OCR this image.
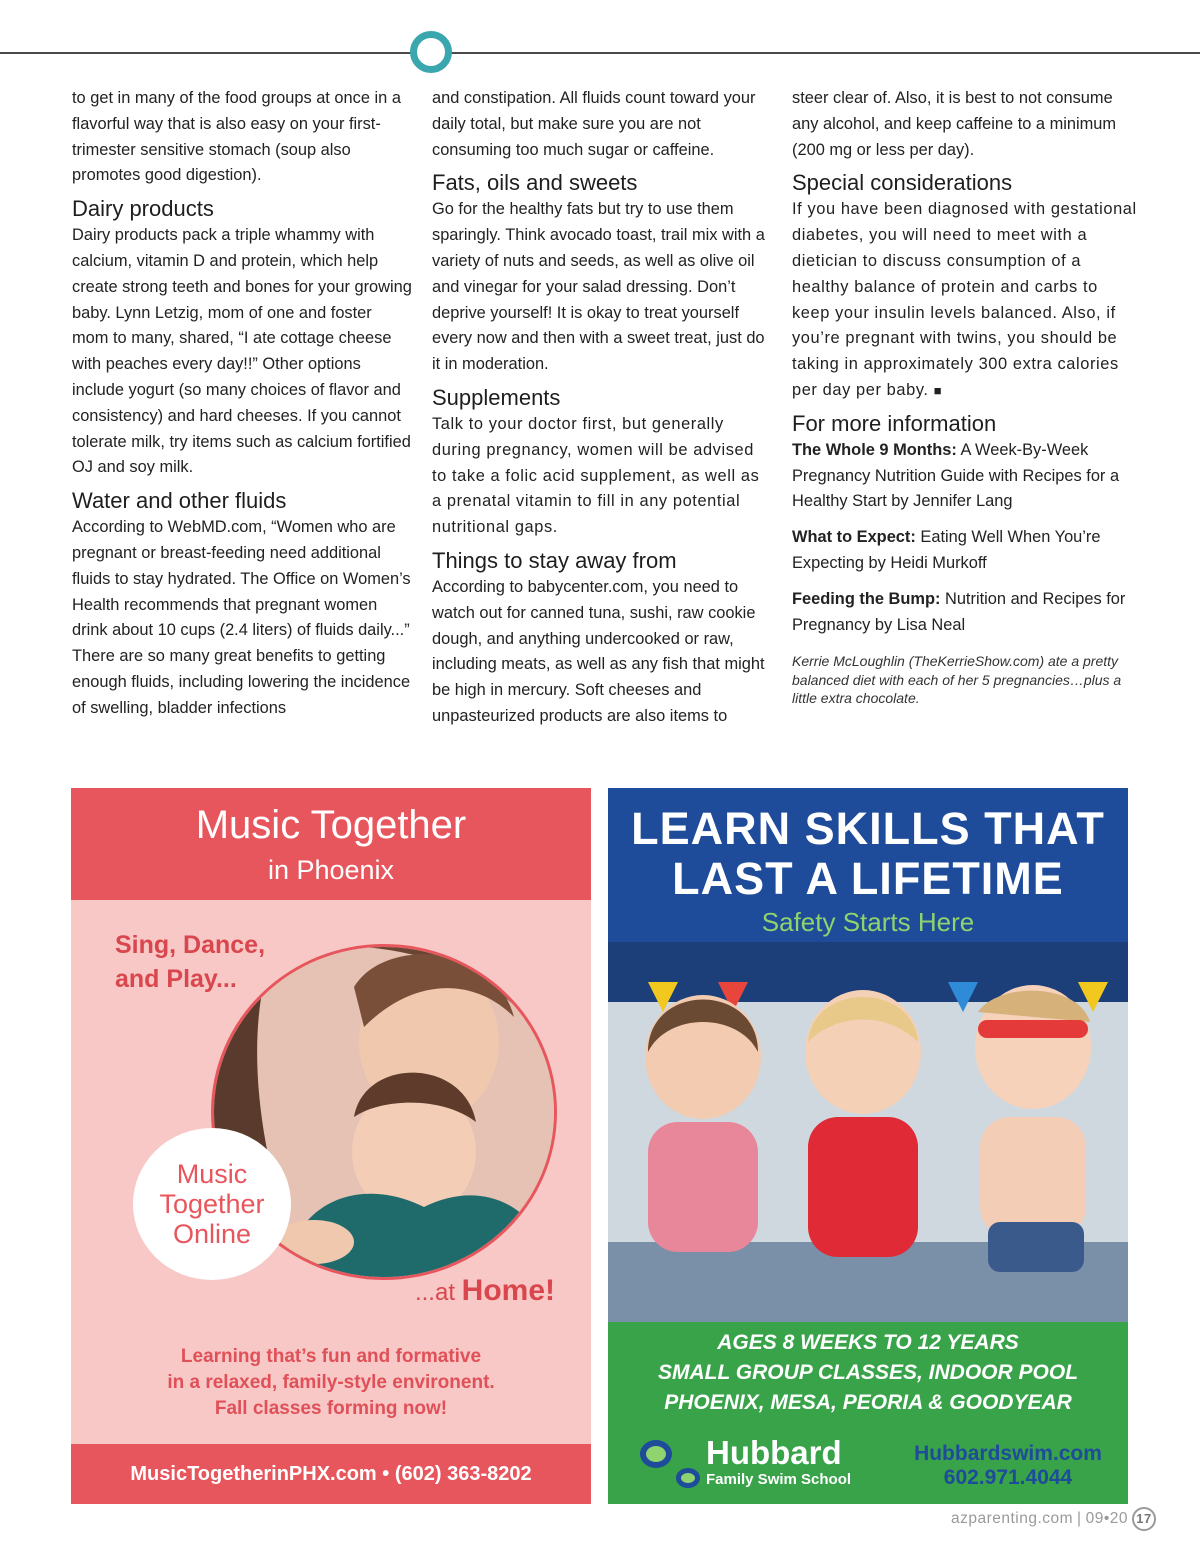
to get in many of the food groups at once in a flavorful way that is also easy on your first-trimester sensitive stomach (soup also promotes good digestion).

Dairy products

Dairy products pack a triple whammy with calcium, vitamin D and protein, which help create strong teeth and bones for your growing baby. Lynn Letzig, mom of one and foster mom to many, shared, “I ate cottage cheese with peaches every day!!” Other options include yogurt (so many choices of flavor and consistency) and hard cheeses. If you cannot tolerate milk, try items such as calcium fortified OJ and soy milk.

Water and other fluids

According to WebMD.com, “Women who are pregnant or breast-feeding need additional fluids to stay hydrated. The Office on Women’s Health recommends that pregnant women drink about 10 cups (2.4 liters) of fluids daily...” There are so many great benefits to getting enough fluids, including lowering the incidence of swelling, bladder infections

and constipation. All fluids count toward your daily total, but make sure you are not consuming too much sugar or caffeine.

Fats, oils and sweets

Go for the healthy fats but try to use them sparingly. Think avocado toast, trail mix with a variety of nuts and seeds, as well as olive oil and vinegar for your salad dressing. Don’t deprive yourself! It is okay to treat yourself every now and then with a sweet treat, just do it in moderation.

Supplements

Talk to your doctor first, but generally during pregnancy, women will be advised to take a folic acid supplement, as well as a prenatal vitamin to fill in any potential nutritional gaps.

Things to stay away from

According to babycenter.com, you need to watch out for canned tuna, sushi, raw cookie dough, and anything undercooked or raw, including meats, as well as any fish that might be high in mercury. Soft cheeses and unpasteurized products are also items to

steer clear of. Also, it is best to not consume any alcohol, and keep caffeine to a minimum (200 mg or less per day).

Special considerations

If you have been diagnosed with gestational diabetes, you will need to meet with a dietician to discuss consumption of a healthy balance of protein and carbs to keep your insulin levels balanced. Also, if you’re pregnant with twins, you should be taking in approximately 300 extra calories per day per baby. ■

For more information

The Whole 9 Months: A Week-By-Week Pregnancy Nutrition Guide with Recipes for a Healthy Start by Jennifer Lang

What to Expect: Eating Well When You’re Expecting by Heidi Murkoff

Feeding the Bump: Nutrition and Recipes for Pregnancy by Lisa Neal

Kerrie McLoughlin (TheKerrieShow.com) ate a pretty balanced diet with each of her 5 pregnancies…plus a little extra chocolate.

Music Together
in Phoenix
Sing, Dance,
and Play...
Music
Together
Online
...at Home!
Learning that’s fun and formative
in a relaxed, family-style environent.
Fall classes forming now!
MusicTogetherinPHX.com • (602) 363-8202
LEARN SKILLS THAT
LAST A LIFETIME
Safety Starts Here
AGES 8 WEEKS TO 12 YEARS
SMALL GROUP CLASSES, INDOOR POOL
PHOENIX, MESA, PEORIA & GOODYEAR
Hubbard
Family Swim School
Hubbardswim.com
602.971.4044
azparenting.com | 09•20 17
